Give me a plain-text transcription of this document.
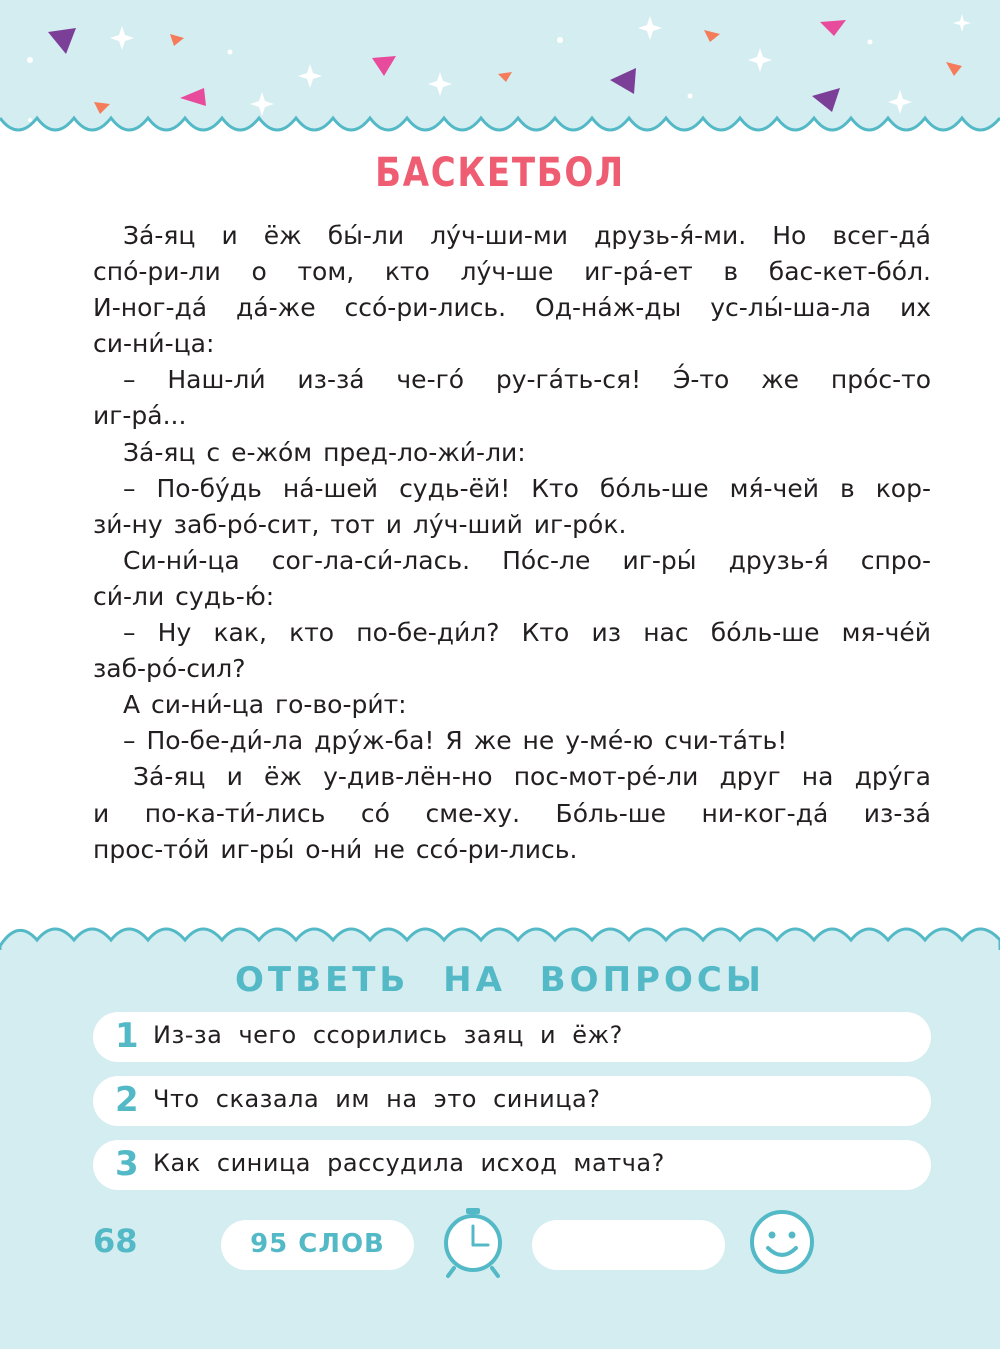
БАСКЕТБОЛ
За́-яц и ёж бы́-ли лу́ч-ши-ми друзь-я́-ми. Но всег-да́
спо́-ри-ли о том, кто лу́ч-ше иг-ра́-ет в бас-кет-бо́л.
И-ног-да́ да́-же ссо́-ри-лись. Од-на́ж-ды ус-лы́-ша-ла их
си-ни́-ца:
– Наш-ли́ из-за́ че-го́ ру-га́ть-ся! Э́-то же про́с-то
иг-ра́...
За́-яц с е-жо́м пред-ло-жи́-ли:
– По-бу́дь на́-шей судь-ёй! Кто бо́ль-ше мя́-чей в кор-
зи́-ну заб-ро́-сит, тот и лу́ч-ший иг-ро́к.
Си-ни́-ца сог-ла-си́-лась. По́с-ле иг-ры́ друзь-я́ спро-
си́-ли судь-ю́:
– Ну как, кто по-бе-ди́л? Кто из нас бо́ль-ше мя-че́й
заб-ро́-сил?
А си-ни́-ца го-во-ри́т:
– По-бе-ди́-ла дру́ж-ба! Я же не у-ме́-ю счи-та́ть!
За́-яц и ёж у-див-лён-но пос-мот-ре́-ли друг на дру́га
и по-ка-ти́-лись со́ сме-ху. Бо́ль-ше ни-ког-да́ из-за́
прос-то́й иг-ры́ о-ни́ не ссо́-ри-лись.
ОТВЕТЬ НА ВОПРОСЫ
1 Из-за чего ссорились заяц и ёж?
2 Что сказала им на это синица?
3 Как синица рассудила исход матча?
68	95 СЛОВ
